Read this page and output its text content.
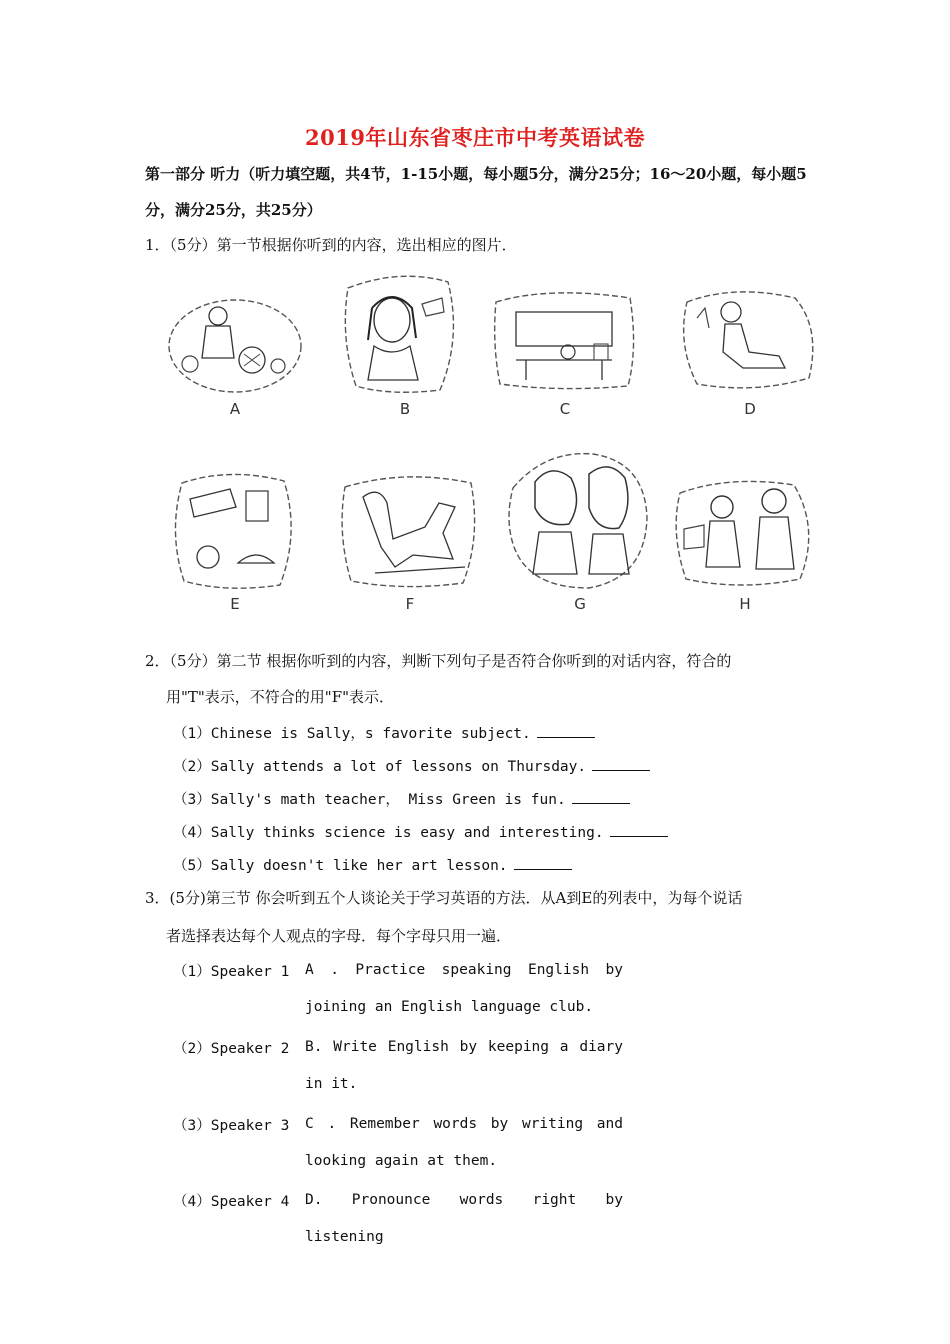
2019年山东省枣庄市中考英语试卷
第一部分 听力（听力填空题，共4节，1-15小题，每小题5分，满分25分；16～20小题，每小题5分，满分25分，共25分）
1．（5分）第一节根据你听到的内容，选出相应的图片．
A	B	C	D
E	F	G	H
2．（5分）第二节 根据你听到的内容，判断下列句子是否符合你听到的对话内容，符合的
用"T"表示，不符合的用"F"表示．
（1）Chinese is Sally，s favorite subject.
（2）Sally attends a lot of lessons on Thursday.
（3）Sally's math teacher， Miss Green is fun.
（4）Sally thinks science is easy and interesting.
（5）Sally doesn't like her art lesson.
3．(5分)第三节 你会听到五个人谈论关于学习英语的方法．从A到E的列表中，为每个说话
者选择表达每个人观点的字母．每个字母只用一遍．
（1）Speaker 1	A . Practice speaking English by joining an English language club.
（2）Speaker 2	B. Write English by keeping a diary in it.
（3）Speaker 3	C . Remember words by writing and looking again at them.
（4）Speaker 4	D. Pronounce words right by listening
